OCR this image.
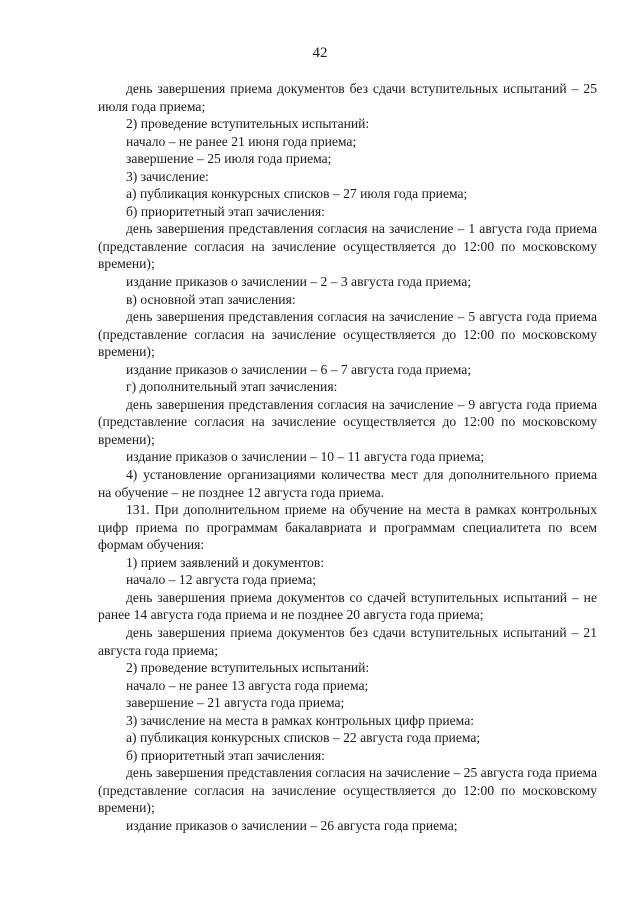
42

день завершения приема документов без сдачи вступительных испытаний – 25 июля года приема;

2) проведение вступительных испытаний:

начало – не ранее 21 июня года приема;

завершение – 25 июля года приема;

3) зачисление:

а) публикация конкурсных списков – 27 июля года приема;

б) приоритетный этап зачисления:

день завершения представления согласия на зачисление – 1 августа года приема (представление согласия на зачисление осуществляется до 12:00 по московскому времени);

издание приказов о зачислении – 2 – 3 августа года приема;

в) основной этап зачисления:

день завершения представления согласия на зачисление – 5 августа года приема (представление согласия на зачисление осуществляется до 12:00 по московскому времени);

издание приказов о зачислении – 6 – 7 августа года приема;

г) дополнительный этап зачисления:

день завершения представления согласия на зачисление – 9 августа года приема (представление согласия на зачисление осуществляется до 12:00 по московскому времени);

издание приказов о зачислении – 10 – 11 августа года приема;

4) установление организациями количества мест для дополнительного приема на обучение – не позднее 12 августа года приема.

131. При дополнительном приеме на обучение на места в рамках контрольных цифр приема по программам бакалавриата и программам специалитета по всем формам обучения:

1) прием заявлений и документов:

начало – 12 августа года приема;

день завершения приема документов со сдачей вступительных испытаний – не ранее 14 августа года приема и не позднее 20 августа года приема;

день завершения приема документов без сдачи вступительных испытаний – 21 августа года приема;

2) проведение вступительных испытаний:

начало – не ранее 13 августа года приема;

завершение – 21 августа года приема;

3) зачисление на места в рамках контрольных цифр приема:

а) публикация конкурсных списков – 22 августа года приема;

б) приоритетный этап зачисления:

день завершения представления согласия на зачисление – 25 августа года приема (представление согласия на зачисление осуществляется до 12:00 по московскому времени);

издание приказов о зачислении – 26 августа года приема;
